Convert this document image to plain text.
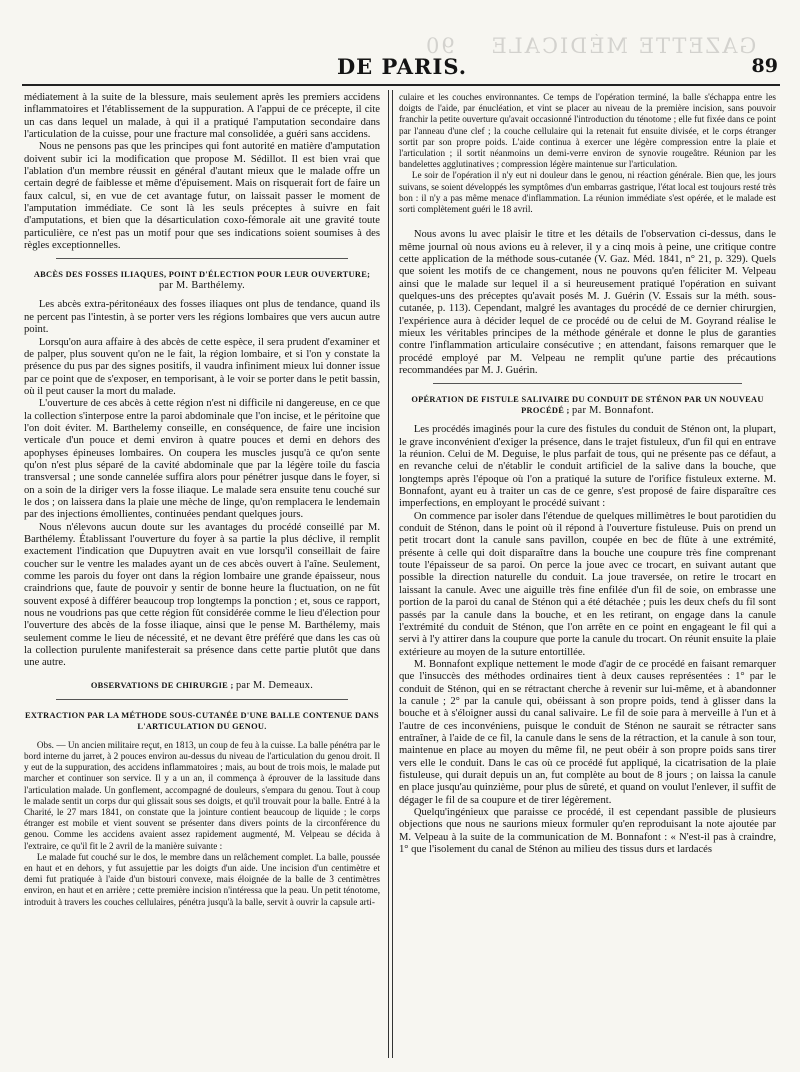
GAZETTE MÉDICALE    90
DE PARIS.	89

médiatement à la suite de la blessure, mais seulement après les premiers accidens inflammatoires et l'établissement de la suppuration. A l'appui de ce précepte, il cite un cas dans lequel un malade, à qui il a pratiqué l'amputation secondaire dans l'articulation de la cuisse, pour une fracture mal consolidée, a guéri sans accidens.

Nous ne pensons pas que les principes qui font autorité en matière d'amputation doivent subir ici la modification que propose M. Sédillot. Il est bien vrai que l'ablation d'un membre réussit en général d'autant mieux que le malade offre un certain degré de faiblesse et même d'épuisement. Mais on risquerait fort de faire un faux calcul, si, en vue de cet avantage futur, on laissait passer le moment de l'amputation immédiate. Ce sont là les seuls préceptes à suivre en fait d'amputations, et bien que la désarticulation coxo-fémorale ait une gravité toute particulière, ce n'est pas un motif pour que ses indications soient soumises à des règles exceptionnelles.

ABCÈS DES FOSSES ILIAQUES, POINT D'ÉLECTION POUR LEUR OUVERTURE;
par M. Barthélemy.

Les abcès extra-péritonéaux des fosses iliaques ont plus de tendance, quand ils ne percent pas l'intestin, à se porter vers les régions lombaires que vers aucun autre point.

Lorsqu'on aura affaire à des abcès de cette espèce, il sera prudent d'examiner et de palper, plus souvent qu'on ne le fait, la région lombaire, et si l'on y constate la présence du pus par des signes positifs, il vaudra infiniment mieux lui donner issue par ce point que de s'exposer, en temporisant, à le voir se porter dans le petit bassin, où il peut causer la mort du malade.

L'ouverture de ces abcès à cette région n'est ni difficile ni dangereuse, en ce que la collection s'interpose entre la paroi abdominale que l'on incise, et le péritoine que l'on doit éviter. M. Barthelemy conseille, en conséquence, de faire une incision verticale d'un pouce et demi environ à quatre pouces et demi en dehors des apophyses épineuses lombaires. On coupera les muscles jusqu'à ce qu'on sente qu'on n'est plus séparé de la cavité abdominale que par la légère toile du fascia transversal ; une sonde cannelée suffira alors pour pénétrer jusque dans le foyer, si on a soin de la diriger vers la fosse iliaque. Le malade sera ensuite tenu couché sur le dos ; on laissera dans la plaie une mèche de linge, qu'on remplacera le lendemain par des injections émollientes, continuées pendant quelques jours.

Nous n'élevons aucun doute sur les avantages du procédé conseillé par M. Barthélemy. Établissant l'ouverture du foyer à sa partie la plus déclive, il remplit exactement l'indication que Dupuytren avait en vue lorsqu'il conseillait de faire coucher sur le ventre les malades ayant un de ces abcès ouvert à l'aîne. Seulement, comme les parois du foyer ont dans la région lombaire une grande épaisseur, nous craindrions que, faute de pouvoir y sentir de bonne heure la fluctuation, on ne fût souvent exposé à différer beaucoup trop longtemps la ponction ; et, sous ce rapport, nous ne voudrions pas que cette région fût considérée comme le lieu d'élection pour l'ouverture des abcès de la fosse iliaque, ainsi que le pense M. Barthélemy, mais seulement comme le lieu de nécessité, et ne devant être préféré que dans les cas où la collection purulente manifesterait sa présence dans cette partie plutôt que dans une autre.

OBSERVATIONS DE CHIRURGIE ; par M. Demeaux.
EXTRACTION PAR LA MÉTHODE SOUS-CUTANÉE D'UNE BALLE CONTENUE DANS L'ARTICULATION DU GENOU.

Obs. — Un ancien militaire reçut, en 1813, un coup de feu à la cuisse. La balle pénétra par le bord interne du jarret, à 2 pouces environ au-dessus du niveau de l'articulation du genou droit. Il y eut de la suppuration, des accidens inflammatoires ; mais, au bout de trois mois, le malade put marcher et continuer son service. Il y a un an, il commença à éprouver de la lassitude dans l'articulation malade. Un gonflement, accompagné de douleurs, s'empara du genou. Tout à coup le malade sentit un corps dur qui glissait sous ses doigts, et qu'il trouvait pour la balle. Entré à la Charité, le 27 mars 1841, on constate que la jointure contient beaucoup de liquide ; le corps étranger est mobile et vient souvent se présenter dans divers points de la circonférence du genou. Comme les accidens avaient assez rapidement augmenté, M. Velpeau se décida à l'extraire, ce qu'il fit le 2 avril de la manière suivante :

Le malade fut couché sur le dos, le membre dans un relâchement complet. La balle, poussée en haut et en dehors, y fut assujettie par les doigts d'un aide. Une incision d'un centimètre et demi fut pratiquée à l'aide d'un bistouri convexe, mais éloignée de la balle de 3 centimètres environ, en haut et en arrière ; cette première incision n'intéressa que la peau. Un petit ténotome, introduit à travers les couches cellulaires, pénétra jusqu'à la balle, servit à ouvrir la capsule arti-

culaire et les couches environnantes. Ce temps de l'opération terminé, la balle s'échappa entre les doigts de l'aide, par énucléation, et vint se placer au niveau de la première incision, sans pouvoir franchir la petite ouverture qu'avait occasionné l'introduction du ténotome ; elle fut fixée dans ce point par l'anneau d'une clef ; la couche cellulaire qui la retenait fut ensuite divisée, et le corps étranger sortit par son propre poids. L'aide continua à exercer une légère compression entre la plaie et l'articulation ; il sortit néanmoins un demi-verre environ de synovie rougeâtre. Réunion par les bandelettes agglutinatives ; compression légère maintenue sur l'articulation.

Le soir de l'opération il n'y eut ni douleur dans le genou, ni réaction générale. Bien que, les jours suivans, se soient développés les symptômes d'un embarras gastrique, l'état local est toujours resté très bon : il n'y a pas même menace d'inflammation. La réunion immédiate s'est opérée, et le malade est sorti complètement guéri le 18 avril.

Nous avons lu avec plaisir le titre et les détails de l'observation ci-dessus, dans le même journal où nous avions eu à relever, il y a cinq mois à peine, une critique contre cette application de la méthode sous-cutanée (V. Gaz. Méd. 1841, n° 21, p. 329). Quels que soient les motifs de ce changement, nous ne pouvons qu'en féliciter M. Velpeau ainsi que le malade sur lequel il a si heureusement pratiqué l'opération en suivant quelques-uns des préceptes qu'avait posés M. J. Guérin (V. Essais sur la méth. sous-cutanée, p. 113). Cependant, malgré les avantages du procédé de ce dernier chirurgien, l'expérience aura à décider lequel de ce procédé ou de celui de M. Goyrand réalise le mieux les véritables principes de la méthode générale et donne le plus de garanties contre l'inflammation articulaire consécutive ; en attendant, faisons remarquer que le procédé employé par M. Velpeau ne remplit qu'une partie des précautions recommandées par M. J. Guérin.

OPÉRATION DE FISTULE SALIVAIRE DU CONDUIT DE STÉNON PAR UN NOUVEAU PROCÉDÉ ; par M. Bonnafont.

Les procédés imaginés pour la cure des fistules du conduit de Sténon ont, la plupart, le grave inconvénient d'exiger la présence, dans le trajet fistuleux, d'un fil qui en entrave la réunion. Celui de M. Deguise, le plus parfait de tous, qui ne présente pas ce défaut, a en revanche celui de n'établir le conduit artificiel de la salive dans la bouche, que longtemps après l'époque où l'on a pratiqué la suture de l'orifice fistuleux externe. M. Bonnafont, ayant eu à traiter un cas de ce genre, s'est proposé de faire disparaître ces imperfections, en employant le procédé suivant :

On commence par isoler dans l'étendue de quelques millimètres le bout parotidien du conduit de Sténon, dans le point où il répond à l'ouverture fistuleuse. Puis on prend un petit trocart dont la canule sans pavillon, coupée en bec de flûte à une extrémité, présente à celle qui doit disparaître dans la bouche une coupure très fine comprenant toute l'épaisseur de sa paroi. On perce la joue avec ce trocart, en suivant autant que possible la direction naturelle du conduit. La joue traversée, on retire le trocart en laissant la canule. Avec une aiguille très fine enfilée d'un fil de soie, on embrasse une portion de la paroi du canal de Sténon qui a été détachée ; puis les deux chefs du fil sont passés par la canule dans la bouche, et en les retirant, on engage dans la canule l'extrémité du conduit de Sténon, que l'on arrête en ce point en engageant le fil qui a servi à l'y attirer dans la coupure que porte la canule du trocart. On réunit ensuite la plaie extérieure au moyen de la suture entortillée.

M. Bonnafont explique nettement le mode d'agir de ce procédé en faisant remarquer que l'insuccès des méthodes ordinaires tient à deux causes représentées : 1° par le conduit de Sténon, qui en se rétractant cherche à revenir sur lui-même, et à abandonner la canule ; 2° par la canule qui, obéissant à son propre poids, tend à glisser dans la bouche et à s'éloigner aussi du canal salivaire. Le fil de soie para à merveille à l'un et à l'autre de ces inconvéniens, puisque le conduit de Sténon ne saurait se rétracter sans entraîner, à l'aide de ce fil, la canule dans le sens de la rétraction, et la canule à son tour, maintenue en place au moyen du même fil, ne peut obéir à son propre poids sans tirer vers elle le conduit. Dans le cas où ce procédé fut appliqué, la cicatrisation de la plaie fistuleuse, qui durait depuis un an, fut complète au bout de 8 jours ; on laissa la canule en place jusqu'au quinzième, pour plus de sûreté, et quand on voulut l'enlever, il suffit de dégager le fil de sa coupure et de tirer légèrement.

Quelqu'ingénieux que paraisse ce procédé, il est cependant passible de plusieurs objections que nous ne saurions mieux formuler qu'en reproduisant la note ajoutée par M. Velpeau à la suite de la communication de M. Bonnafont : « N'est-il pas à craindre, 1° que l'isolement du canal de Sténon au milieu des tissus durs et lardacés
